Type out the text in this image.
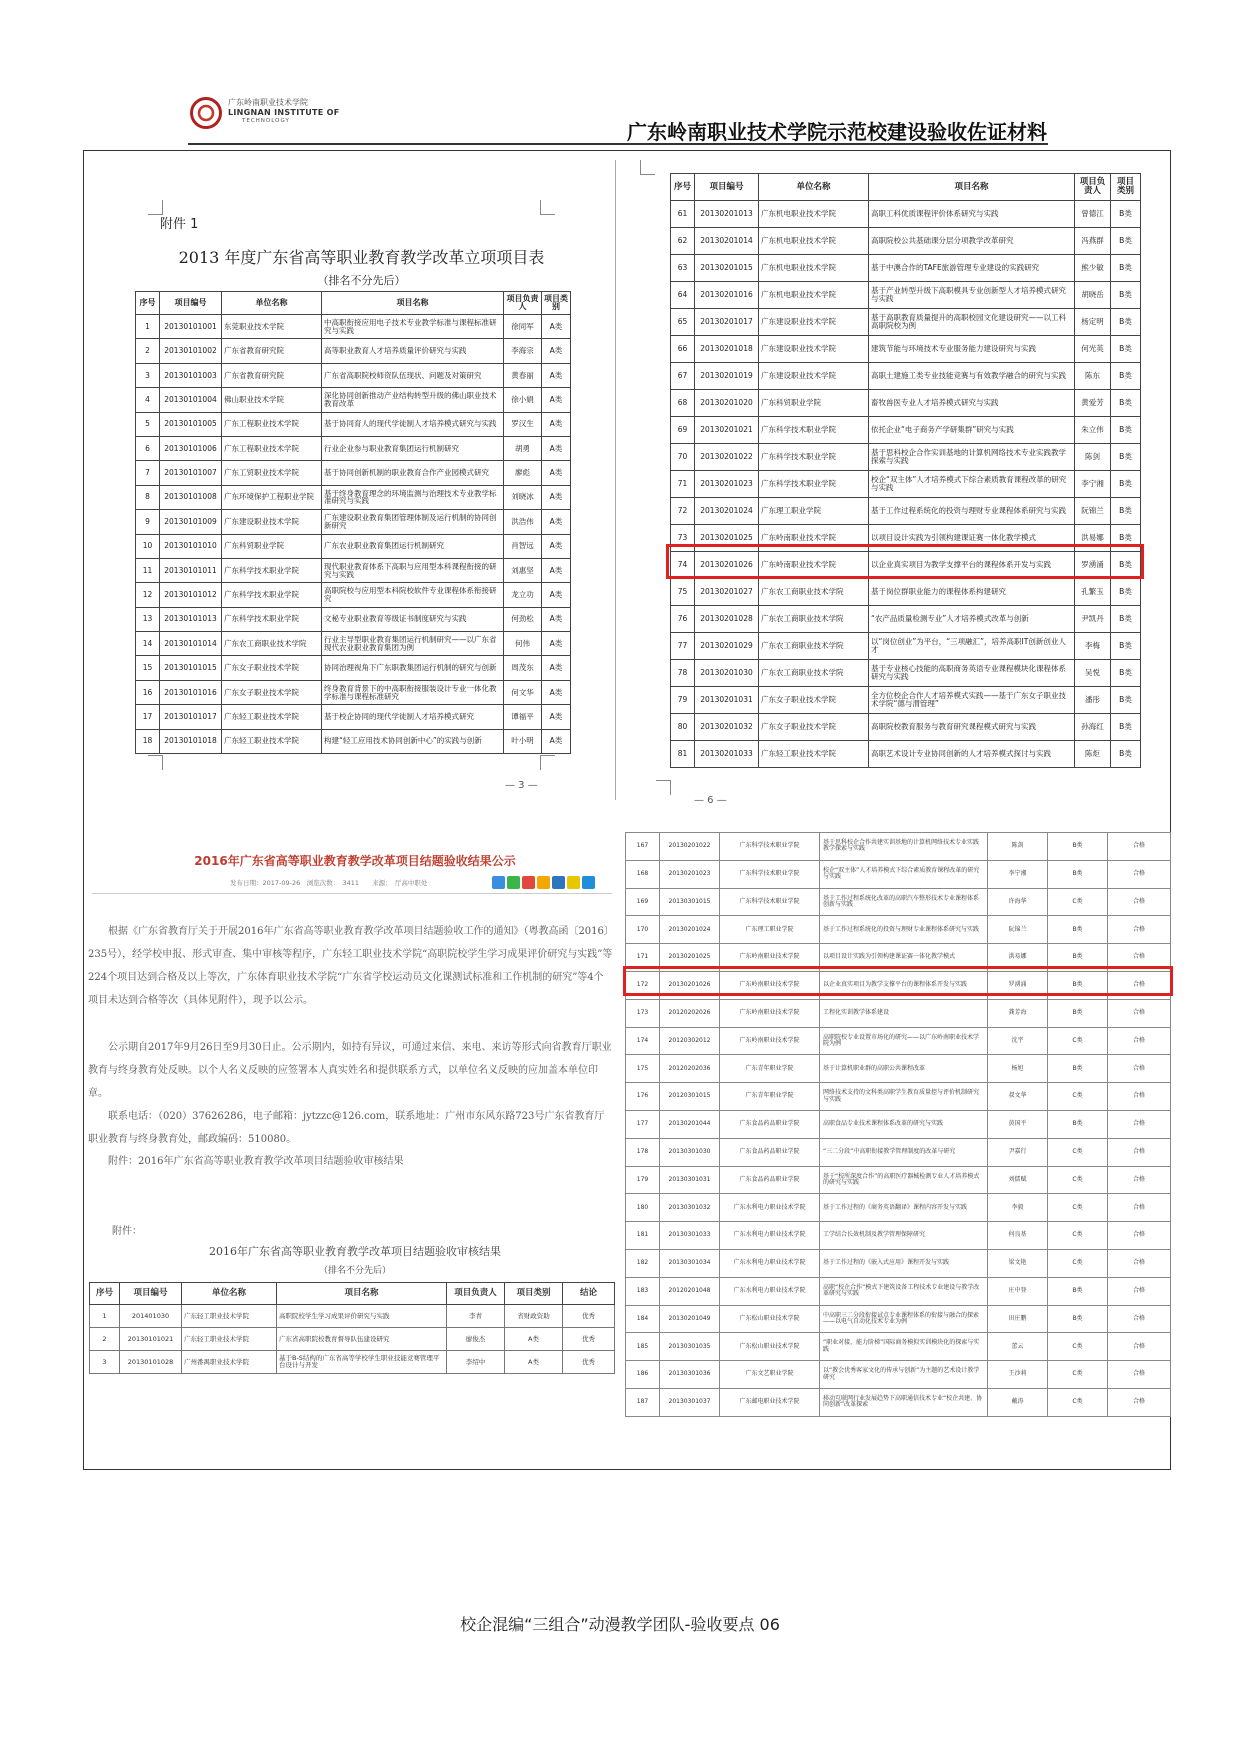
广东岭南职业技术学院
LINGNAN INSTITUTE OF
TECHNOLOGY	广东岭南职业技术学院示范校建设验收佐证材料
附件 1
2013 年度广东省高等职业教育教学改革立项项目表
（排名不分先后）
序号	项目编号	单位名称	项目名称	项目负责人	项目类别
1	20130101001	东莞职业技术学院	中高职衔接应用电子技术专业教学标准与课程标准研究与实践	徐同军	A类
2	20130101002	广东省教育研究院	高等职业教育人才培养质量评价研究与实践	李海宗	A类
3	20130101003	广东省教育研究院	广东省高职院校师资队伍现状、问题及对策研究	黄春丽	A类
4	20130101004	佛山职业技术学院	深化协同创新推动产业结构转型升级的佛山职业技术教育改革	徐小娟	A类
5	20130101005	广东工程职业技术学院	基于协同育人的现代学徒制人才培养模式研究与实践	罗汉生	A类
6	20130101006	广东工程职业技术学院	行业企业参与职业教育集团运行机制研究	胡勇	A类
7	20130101007	广东工贸职业技术学院	基于协同创新机制的职业教育合作产业园模式研究	廖彪	A类
8	20130101008	广东环境保护工程职业学院	基于终身教育理念的环境监测与治理技术专业教学标准研究与实践	刘晓冰	A类
9	20130101009	广东建设职业技术学院	广东建设职业教育集团管理体制及运行机制的协同创新研究	洪浩伟	A类
10	20130101010	广东科贸职业学院	广东农业职业教育集团运行机制研究	肖智远	A类
11	20130101011	广东科学技术职业学院	现代职业教育体系下高职与应用型本科课程衔接的研究与实践	刘惠坚	A类
12	20130101012	广东科学技术职业学院	高职院校与应用型本科院校软件专业课程体系衔接研究	龙立功	A类
13	20130101013	广东科学技术职业学院	文秘专业职业教育等级证书制度研究与实践	何劲松	A类
14	20130101014	广东农工商职业技术学院	行业主导型职业教育集团运行机制研究——以广东省现代农业职业教育集团为例	何伟	A类
15	20130101015	广东女子职业技术学院	协同治理视角下广东职教集团运行机制的研究与创新	周茂东	A类
16	20130101016	广东女子职业技术学院	终身教育背景下的中高职衔接服装设计专业一体化教学标准与课程标准研究	何文华	A类
17	20130101017	广东轻工职业技术学院	基于校企协同的现代学徒制人才培养模式研究	谭福平	A类
18	20130101018	广东轻工职业技术学院	构建“轻工应用技术协同创新中心”的实践与创新	叶小明	A类
— 3 —
序号	项目编号	单位名称	项目名称	项目负责人	项目类别
61	20130201013	广东机电职业技术学院	高职工科优质课程评价体系研究与实践	曾德江	B类
62	20130201014	广东机电职业技术学院	高职院校公共基础课分层分项教学改革研究	冯燕群	B类
63	20130201015	广东机电职业技术学院	基于中澳合作的TAFE旅游管理专业建设的实践研究	熊少敏	B类
64	20130201016	广东机电职业技术学院	基于产业转型升级下高职模具专业创新型人才培养模式研究与实践	胡晓岳	B类
65	20130201017	广东建设职业技术学院	基于高职教育质量提升的高职校园文化建设研究——以工科高职院校为例	杨定明	B类
66	20130201018	广东建设职业技术学院	建筑节能与环境技术专业服务能力建设研究与实践	何光英	B类
67	20130201019	广东建设职业技术学院	高职土建施工类专业技能竞赛与有效教学融合的研究与实践	陈东	B类
68	20130201020	广东科贸职业学院	畜牧兽医专业人才培养模式研究与实践	黄爱芳	B类
69	20130201021	广东科学技术职业学院	依托企业“电子商务产学研集群”研究与实践	朱立伟	B类
70	20130201022	广东科学技术职业学院	基于思科校企合作实训基地的计算机网络技术专业实践教学探索与实践	陈剑	B类
71	20130201023	广东科学技术职业学院	校企“双主体”人才培养模式下综合素质教育课程改革的研究与实践	李宁湘	B类
72	20130201024	广东理工职业学院	基于工作过程系统化的投资与理财专业课程体系研究与实践	阮锦兰	B类
73	20130201025	广东岭南职业技术学院	以项目设计实践为引领构建课证赛一体化教学模式	洪易娜	B类
74	20130201026	广东岭南职业技术学院	以企业真实项目为教学支撑平台的课程体系开发与实践	罗湧涌	B类
75	20130201027	广东农工商职业技术学院	基于岗位群职业能力的课程体系构建研究	孔繁玉	B类
76	20130201028	广东农工商职业技术学院	“农产品质量检测专业”人才培养模式改革与创新	尹凯丹	B类
77	20130201029	广东农工商职业技术学院	以“岗位创业”为平台，“三项融汇”，培养高职IT创新创业人才	李梅	B类
78	20130201030	广东农工商职业技术学院	基于专业核心技能的高职商务英语专业课程模块化课程体系研究与实践	吴悦	B类
79	20130201031	广东女子职业技术学院	全方位校企合作人才培养模式实践——基于广东女子职业技术学院“德与渭管理”	潘彤	B类
80	20130201032	广东女子职业技术学院	高职院校教育服务与教育研究课程模式研究与实践	孙海红	B类
81	20130201033	广东轻工职业技术学院	高职艺术设计专业协同创新的人才培养模式探讨与实践	陈炬	B类
— 6 —
2016年广东省高等职业教育教学改革项目结题验收结果公示
发布日期：2017-09-26　浏览次数：　3411　　来源：　厅高中职处
根据《广东省教育厅关于开展2016年广东省高等职业教育教学改革项目结题验收工作的通知》（粤教高函〔2016〕235号），经学校申报、形式审查、集中审核等程序，广东轻工职业技术学院“高职院校学生学习成果评价研究与实践”等224个项目达到合格及以上等次，广东体育职业技术学院“广东省学校运动员文化课测试标准和工作机制的研究”等4个项目未达到合格等次（具体见附件），现予以公示。
公示期自2017年9月26日至9月30日止。公示期内，如持有异议，可通过来信、来电、来访等形式向省教育厅职业教育与终身教育处反映。以个人名义反映的应签署本人真实姓名和提供联系方式，以单位名义反映的应加盖本单位印章。
联系电话：（020）37626286，电子邮箱：jytzzc@126.com，联系地址：广州市东风东路723号广东省教育厅职业教育与终身教育处，邮政编码：510080。
附件：2016年广东省高等职业教育教学改革项目结题验收审核结果
附件：
2016年广东省高等职业教育教学改革项目结题验收审核结果
（排名不分先后）
序号	项目编号	单位名称	项目名称	项目负责人	项目类别	结论
1	201401030	广东轻工职业技术学院	高职院校学生学习成果评价研究与实践	李青	省财政资助	优秀
2	20130101021	广东轻工职业技术学院	广东省高职院校教育督导队伍建设研究	廖俊杰	A类	优秀
3	20130101028	广州番禺职业技术学院	基于B-S结构的广东省高等学校学生职业技能竞赛管理平台设计与开发	李绍中	A类	优秀
167	20130201022	广东科学技术职业学院	基于思科校企合作共建实训基地的计算机网络技术专业实践教学探索与实践	陈剑	B类	合格
168	20130201023	广东科学技术职业学院	校企“双主体”人才培养模式下综合素质教育课程改革的研究与实践	李宁湘	B类	合格
169	20130301015	广东科学技术职业学院	基于工作过程系统化改革的高职汽车整形技术专业课程体系创新与实践	许海华	C类	合格
170	20130201024	广东理工职业学院	基于工作过程系统化的投资与理财专业课程体系研究与实践	阮锦兰	B类	合格
171	20130201025	广东岭南职业技术学院	以项目设计实践为引领构建课证赛一体化教学模式	洪易娜	B类	合格
172	20130201026	广东岭南职业技术学院	以企业真实项目为教学支撑平台的课程体系开发与实践	罗湧涌	B类	合格
173	20120202026	广东岭南职业技术学院	工程化实训教学体系建设	龚芳海	B类	合格
174	20120302012	广东岭南职业技术学院	高职院校专业设置市场化的研究——以广东岭南职业技术学院为例	沈宇	C类	合格
175	20120202036	广东青年职业学院	基于计算机职业群的高职公共课程改革	杨旭	B类	合格
176	20120301015	广东青年职业学院	网络技术支持的文科类高职学生教育质量控与评价机制研究与实践	叔文华	C类	合格
177	20130201044	广东食品药品职业学院	高职食品专业技术课程体系改革的研究与实践	黄国平	B类	合格
178	20130301030	广东食品药品职业学院	“三二分段”中高职衔接教学管理制度的改革与研究	尹嘉行	C类	合格
179	20130301031	广东食品药品职业学院	基于“校所深度合作”的高职医疗器械检测专业人才培养模式的研究与实践	刘儒赋	C类	合格
180	20130301032	广东水利电力职业技术学院	基于工作过程的《商务英语翻译》课程内容开发与实践	李毅	C类	合格
181	20130301033	广东水利电力职业技术学院	工学结合长效机制及教学管理保障研究	何良基	C类	合格
182	20130301034	广东水利电力职业技术学院	基于工作过程的《嵌入式应用》课程开发与实践	梁文艳	C类	合格
183	20120201048	广东水利电力职业技术学院	高职“校企合作”模式下建筑设备工程技术专业建设与教学改革研究与实践	庄中登	B类	合格
184	20130201049	广东松山职业技术学院	中高职三二分段衔接试点专业课程体系的衔接与融合的探索——以电气自动化技术专业为例	田庄鹏	B类	合格
185	20130301035	广东松山职业技术学院	“职业对接，能力阶梯”国际商务模拟实训模块化的探索与实践	蕾云	C类	合格
186	20130301036	广东文艺职业学院	以“教会优秀客家文化的传承与创新”为主题的艺术设计教学研究	王沙莉	C类	合格
187	20130301037	广东邮电职业技术学院	移动互联网行业发展趋势下高职通信技术专业“校企共建、协同创新”改革探索	戴涛	C类	合格
校企混编“三组合”动漫教学团队-验收要点 06
